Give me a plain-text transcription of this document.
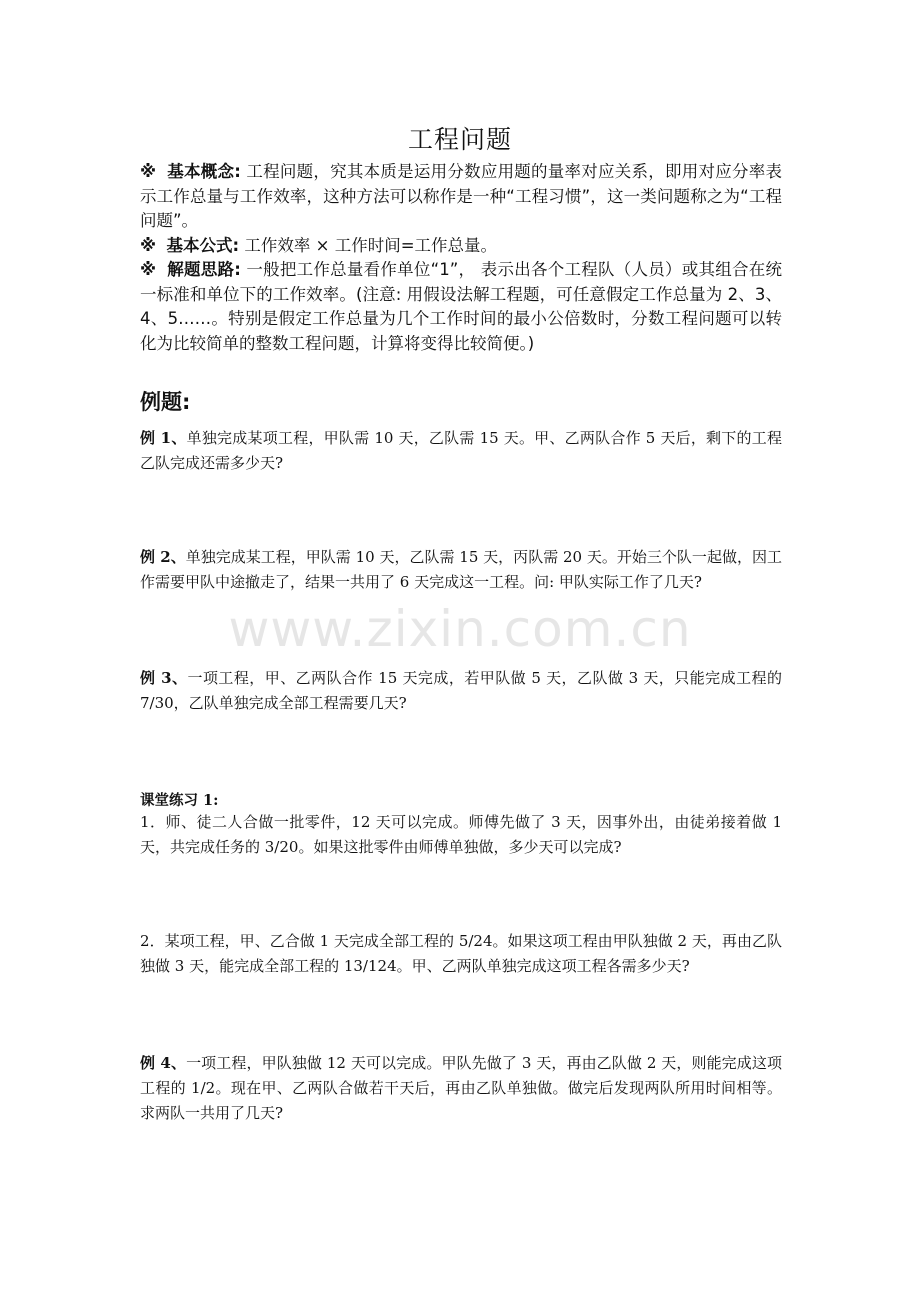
工程问题

※ 基本概念: 工程问题，究其本质是运用分数应用题的量率对应关系，即用对应分率表示工作总量与工作效率，这种方法可以称作是一种“工程习惯”，这一类问题称之为“工程问题”。

※ 基本公式: 工作效率 × 工作时间=工作总量。

※ 解题思路: 一般把工作总量看作单位“1”， 表示出各个工程队（人员）或其组合在统一标准和单位下的工作效率。(注意: 用假设法解工程题，可任意假定工作总量为 2、3、4、5……。特别是假定工作总量为几个工作时间的最小公倍数时，分数工程问题可以转化为比较简单的整数工程问题，计算将变得比较简便。)

例题:

例 1、单独完成某项工程，甲队需 10 天，乙队需 15 天。甲、乙两队合作 5 天后，剩下的工程乙队完成还需多少天?

例 2、单独完成某工程，甲队需 10 天，乙队需 15 天，丙队需 20 天。开始三个队一起做，因工作需要甲队中途撤走了，结果一共用了 6 天完成这一工程。问: 甲队实际工作了几天?

www.zixin.com.cn

例 3、一项工程，甲、乙两队合作 15 天完成，若甲队做 5 天，乙队做 3 天，只能完成工程的 7/30，乙队单独完成全部工程需要几天?

课堂练习 1:

1．师、徒二人合做一批零件，12 天可以完成。师傅先做了 3 天，因事外出，由徒弟接着做 1 天，共完成任务的 3/20。如果这批零件由师傅单独做，多少天可以完成?

2．某项工程，甲、乙合做 1 天完成全部工程的 5/24。如果这项工程由甲队独做 2 天，再由乙队独做 3 天，能完成全部工程的 13/124。甲、乙两队单独完成这项工程各需多少天?

例 4、一项工程，甲队独做 12 天可以完成。甲队先做了 3 天，再由乙队做 2 天，则能完成这项工程的 1/2。现在甲、乙两队合做若干天后，再由乙队单独做。做完后发现两队所用时间相等。求两队一共用了几天?
